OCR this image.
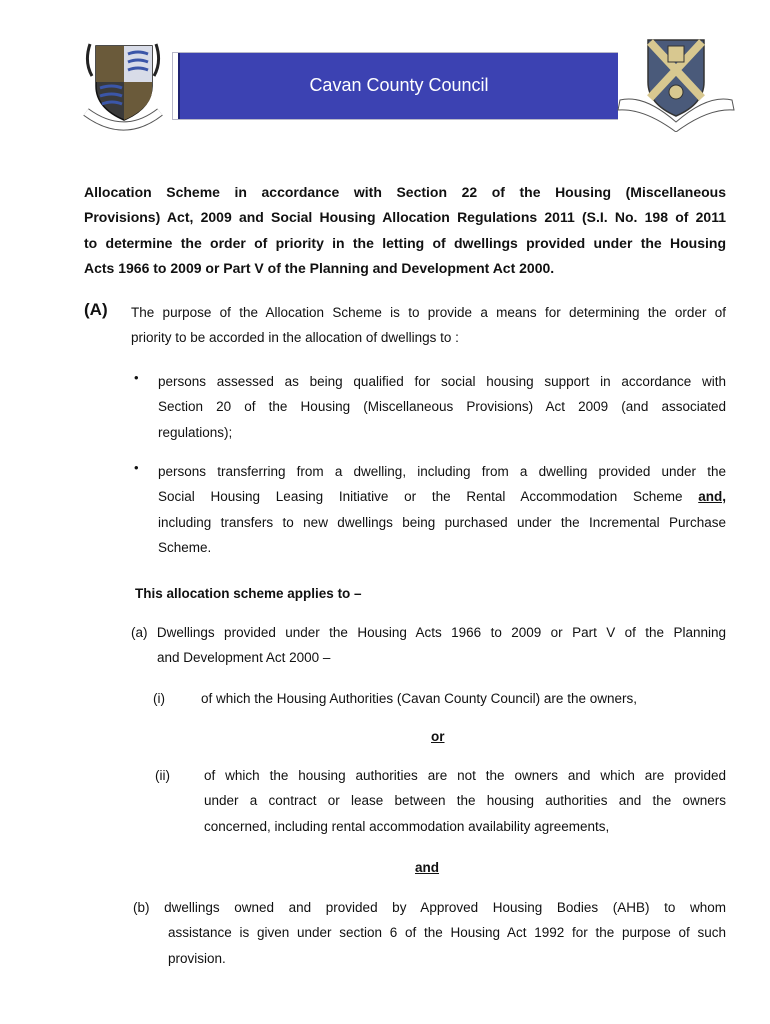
Cavan County Council
Allocation Scheme in accordance with Section 22 of the Housing (Miscellaneous
Provisions) Act, 2009 and Social Housing Allocation Regulations 2011 (S.I. No. 198 of 2011
to determine the order of priority in the letting of dwellings provided under the Housing
Acts 1966 to 2009 or Part V of the Planning and Development Act 2000.
(A) The purpose of the Allocation Scheme is to provide a means for determining the order of
priority to be accorded in the allocation of dwellings to :
• persons assessed as being qualified for social housing support in accordance with
Section 20 of the Housing (Miscellaneous Provisions) Act 2009 (and associated
regulations);
• persons transferring from a dwelling, including from a dwelling provided under the
Social Housing Leasing Initiative or the Rental Accommodation Scheme and,
including transfers to new dwellings being purchased under the Incremental Purchase
Scheme.
This allocation scheme applies to –
(a) Dwellings provided under the Housing Acts 1966 to 2009 or Part V of the Planning
and Development Act 2000 –
(i)	of which the Housing Authorities (Cavan County Council) are the owners,
or
(ii)	of which the housing authorities are not the owners and which are provided
under a contract or lease between the housing authorities and the owners
concerned, including rental accommodation availability agreements,
and
(b) dwellings owned and provided by Approved Housing Bodies (AHB) to whom
assistance is given under section 6 of the Housing Act 1992 for the purpose of such
provision.
